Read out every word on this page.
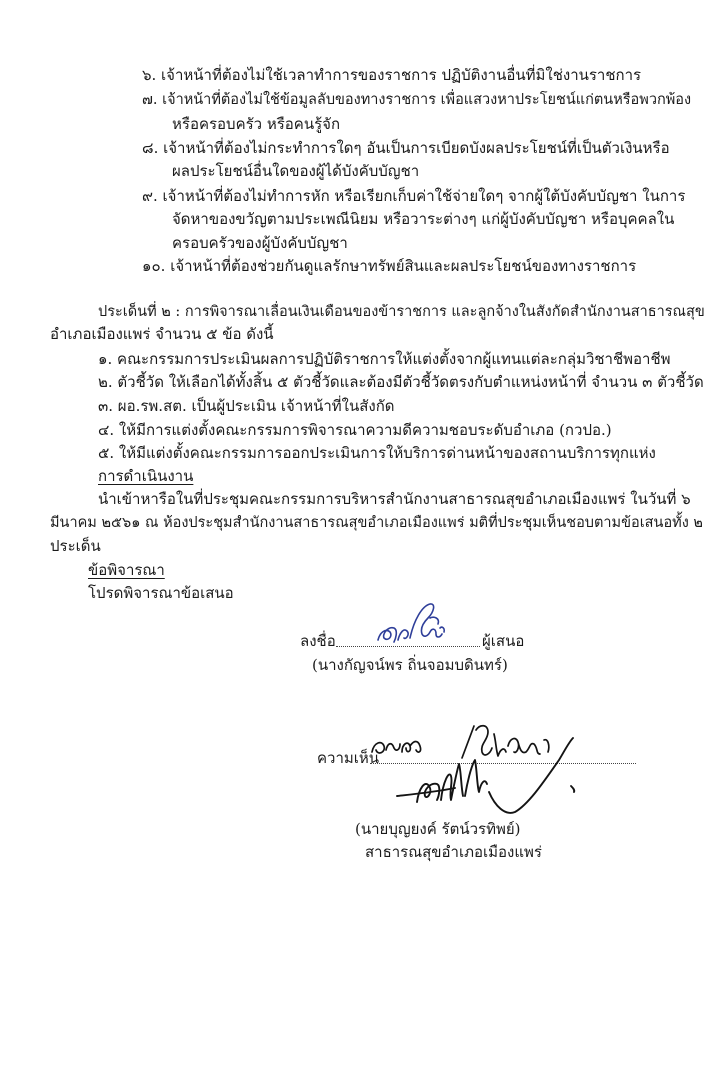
๖. เจ้าหน้าที่ต้องไม่ใช้เวลาทำการของราชการ ปฏิบัติงานอื่นที่มิใช่งานราชการ
๗. เจ้าหน้าที่ต้องไม่ใช้ข้อมูลลับของทางราชการ เพื่อแสวงหาประโยชน์แก่ตนหรือพวกพ้อง
หรือครอบครัว หรือคนรู้จัก
๘. เจ้าหน้าที่ต้องไม่กระทำการใดๆ อันเป็นการเบียดบังผลประโยชน์ที่เป็นตัวเงินหรือ
ผลประโยชน์อื่นใดของผู้ได้บังคับบัญชา
๙. เจ้าหน้าที่ต้องไม่ทำการหัก หรือเรียกเก็บค่าใช้จ่ายใดๆ จากผู้ใต้บังคับบัญชา ในการ
จัดหาของขวัญตามประเพณีนิยม หรือวาระต่างๆ แก่ผู้บังคับบัญชา หรือบุคคลใน
ครอบครัวของผู้บังคับบัญชา
๑๐. เจ้าหน้าที่ต้องช่วยกันดูแลรักษาทรัพย์สินและผลประโยชน์ของทางราชการ
ประเด็นที่ ๒ : การพิจารณาเลื่อนเงินเดือนของข้าราชการ และลูกจ้างในสังกัดสำนักงานสาธารณสุข
อำเภอเมืองแพร่ จำนวน ๕ ข้อ ดังนี้
๑. คณะกรรมการประเมินผลการปฏิบัติราชการให้แต่งตั้งจากผู้แทนแต่ละกลุ่มวิชาชีพอาชีพ
๒. ตัวชี้วัด ให้เลือกได้ทั้งสิ้น ๕ ตัวชี้วัดและต้องมีตัวชี้วัดตรงกับตำแหน่งหน้าที่ จำนวน ๓ ตัวชี้วัด
๓. ผอ.รพ.สต. เป็นผู้ประเมิน เจ้าหน้าที่ในสังกัด
๔. ให้มีการแต่งตั้งคณะกรรมการพิจารณาความดีความชอบระดับอำเภอ (กวปอ.)
๕. ให้มีแต่งตั้งคณะกรรมการออกประเมินการให้บริการด่านหน้าของสถานบริการทุกแห่ง
การดำเนินงาน
นำเข้าหารือในที่ประชุมคณะกรรมการบริหารสำนักงานสาธารณสุขอำเภอเมืองแพร่ ในวันที่ ๖
มีนาคม ๒๕๖๑ ณ ห้องประชุมสำนักงานสาธารณสุขอำเภอเมืองแพร่ มติที่ประชุมเห็นชอบตามข้อเสนอทั้ง ๒
ประเด็น
ข้อพิจารณา
โปรดพิจารณาข้อเสนอ
ลงชื่อ	ผู้เสนอ
(นางกัญจน์พร ถิ่นจอมบดินทร์)
ความเห็น
(นายบุญยงค์ รัตน์วรทิพย์)
สาธารณสุขอำเภอเมืองแพร่
